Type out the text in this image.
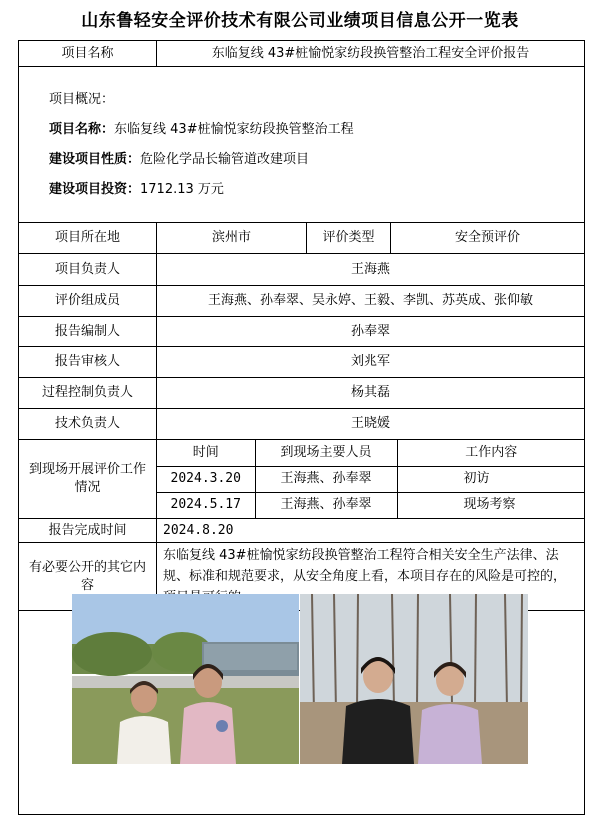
山东鲁轻安全评价技术有限公司业绩项目信息公开一览表
项目名称	东临复线 43#桩愉悦家纺段换管整治工程安全评价报告

项目概况：
项目名称：东临复线 43#桩愉悦家纺段换管整治工程
建设项目性质：危险化学品长输管道改建项目
建设项目投资：1712.13 万元

项目所在地	滨州市	评价类型	安全预评价
项目负责人	王海燕
评价组成员	王海燕、孙奉翠、吴永婷、王毅、李凯、苏英成、张仰敏
报告编制人	孙奉翠
报告审核人	刘兆军
过程控制负责人	杨其磊
技术负责人	王晓媛
到现场开展评价工作情况	
时间	到现场主要人员	工作内容
2024.3.20	王海燕、孙奉翠	初访
2024.5.17	王海燕、孙奉翠	现场考察

报告完成时间	2024.8.20
有必要公开的其它内容	东临复线 43#桩愉悦家纺段换管整治工程符合相关安全生产法律、法规、标准和规范要求，从安全角度上看，本项目存在的风险是可控的，
